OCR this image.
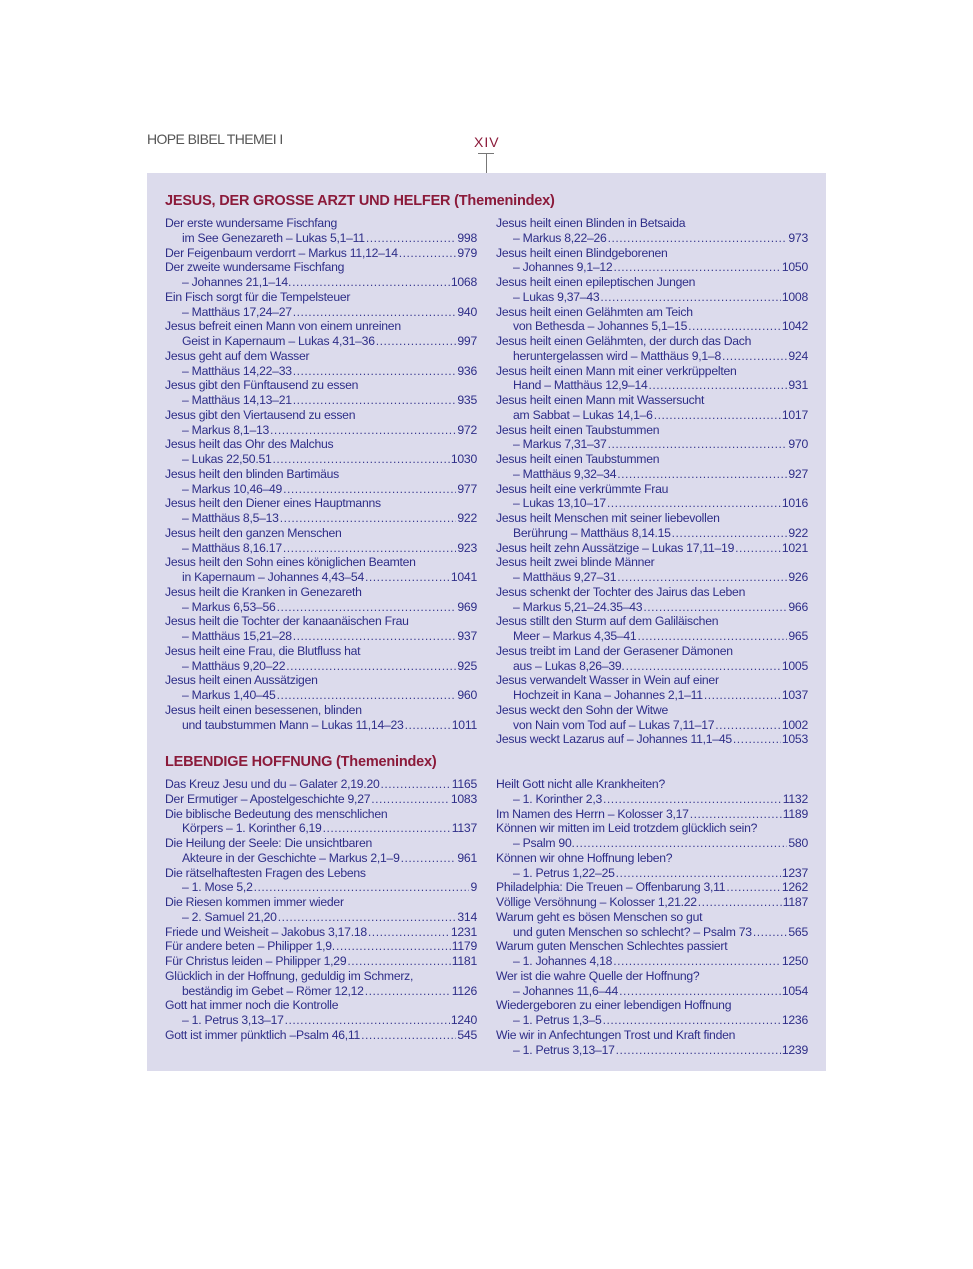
HOPE BIBEL THEMEI I	XIV
JESUS, DER GROSSE ARZT UND HELFER (Themenindex)
Der erste wundersame Fischfang
im See Genezareth – Lukas 5,1–11 .....	998
Der Feigenbaum verdorrt – Markus 11,12–14 .....	979
Der zweite wundersame Fischfang
– Johannes 21,1–14. .....	1068
Ein Fisch sorgt für die Tempelsteuer
– Matthäus 17,24–27 .....	940
Jesus befreit einen Mann von einem unreinen
Geist in Kapernaum – Lukas 4,31–36 .....	997
Jesus geht auf dem Wasser
– Matthäus 14,22–33 .....	936
Jesus gibt den Fünftausend zu essen
– Matthäus 14,13–21 .....	935
Jesus gibt den Viertausend zu essen
– Markus 8,1–13 .....	972
Jesus heilt das Ohr des Malchus
– Lukas 22,50.51 .....	1030
Jesus heilt den blinden Bartimäus
– Markus 10,46–49 .....	977
Jesus heilt den Diener eines Hauptmanns
– Matthäus 8,5–13 .....	922
Jesus heilt den ganzen Menschen
– Matthäus 8,16.17 .....	923
Jesus heilt den Sohn eines königlichen Beamten
in Kapernaum – Johannes 4,43–54 .....	1041
Jesus heilt die Kranken in Genezareth
– Markus 6,53–56 .....	969
Jesus heilt die Tochter der kanaanäischen Frau
– Matthäus 15,21–28 .....	937
Jesus heilt eine Frau, die Blutfluss hat
– Matthäus 9,20–22 .....	925
Jesus heilt einen Aussätzigen
– Markus 1,40–45 .....	960
Jesus heilt einen besessenen, blinden
und taubstummen Mann – Lukas 11,14–23 .....	1011
Jesus heilt einen Blinden in Betsaida
– Markus 8,22–26 .....	973
Jesus heilt einen Blindgeborenen
– Johannes 9,1–12 .....	1050
Jesus heilt einen epileptischen Jungen
– Lukas 9,37–43 .....	1008
Jesus heilt einen Gelähmten am Teich
von Bethesda – Johannes 5,1–15 .....	1042
Jesus heilt einen Gelähmten, der durch das Dach
heruntergelassen wird – Matthäus 9,1–8 .....	924
Jesus heilt einen Mann mit einer verkrüppelten
Hand – Matthäus 12,9–14 .....	931
Jesus heilt einen Mann mit Wassersucht
am Sabbat – Lukas 14,1–6 .....	1017
Jesus heilt einen Taubstummen
– Markus 7,31–37 .....	970
Jesus heilt einen Taubstummen
– Matthäus 9,32–34 .....	927
Jesus heilt eine verkrümmte Frau
– Lukas 13,10–17 .....	1016
Jesus heilt Menschen mit seiner liebevollen
Berührung – Matthäus 8,14.15 .....	922
Jesus heilt zehn Aussätzige – Lukas 17,11–19 .....	1021
Jesus heilt zwei blinde Männer
– Matthäus 9,27–31 .....	926
Jesus schenkt der Tochter des Jairus das Leben
– Markus 5,21–24.35–43 .....	966
Jesus stillt den Sturm auf dem Galiläischen
Meer – Markus 4,35–41 .....	965
Jesus treibt im Land der Gerasener Dämonen
aus – Lukas 8,26–39. .....	1005
Jesus verwandelt Wasser in Wein auf einer
Hochzeit in Kana – Johannes 2,1–11 .....	1037
Jesus weckt den Sohn der Witwe
von Nain vom Tod auf – Lukas 7,11–17 .....	1002
Jesus weckt Lazarus auf – Johannes 11,1–45 .....	1053
LEBENDIGE HOFFNUNG (Themenindex)
Das Kreuz Jesu und du – Galater 2,19.20 .....	1165
Der Ermutiger – Apostelgeschichte 9,27 .....	1083
Die biblische Bedeutung des menschlichen
Körpers – 1. Korinther 6,19 .....	1137
Die Heilung der Seele: Die unsichtbaren
Akteure in der Geschichte – Markus 2,1–9 .....	961
Die rätselhaftesten Fragen des Lebens
– 1. Mose 5,2 .....	9
Die Riesen kommen immer wieder
– 2. Samuel 21,20 .....	314
Friede und Weisheit – Jakobus 3,17.18 .....	1231
Für andere beten – Philipper 1,9. .....	1179
Für Christus leiden – Philipper 1,29 .....	1181
Glücklich in der Hoffnung, geduldig im Schmerz,
beständig im Gebet – Römer 12,12 .....	1126
Gott hat immer noch die Kontrolle
– 1. Petrus 3,13–17 .....	1240
Gott ist immer pünktlich –Psalm 46,11 .....	545
Heilt Gott nicht alle Krankheiten?
– 1. Korinther 2,3 .....	1132
Im Namen des Herrn – Kolosser 3,17 .....	1189
Können wir mitten im Leid trotzdem glücklich sein?
– Psalm 90. .....	580
Können wir ohne Hoffnung leben?
– 1. Petrus 1,22–25 .....	1237
Philadelphia: Die Treuen – Offenbarung 3,11 .....	1262
Völlige Versöhnung – Kolosser 1,21.22 .....	1187
Warum geht es bösen Menschen so gut
und guten Menschen so schlecht? – Psalm 73 .....	565
Warum guten Menschen Schlechtes passiert
– 1. Johannes 4,18 .....	1250
Wer ist die wahre Quelle der Hoffnung?
– Johannes 11,6–44 .....	1054
Wiedergeboren zu einer lebendigen Hoffnung
– 1. Petrus 1,3–5 .....	1236
Wie wir in Anfechtungen Trost und Kraft finden
– 1. Petrus 3,13–17 .....	1239
